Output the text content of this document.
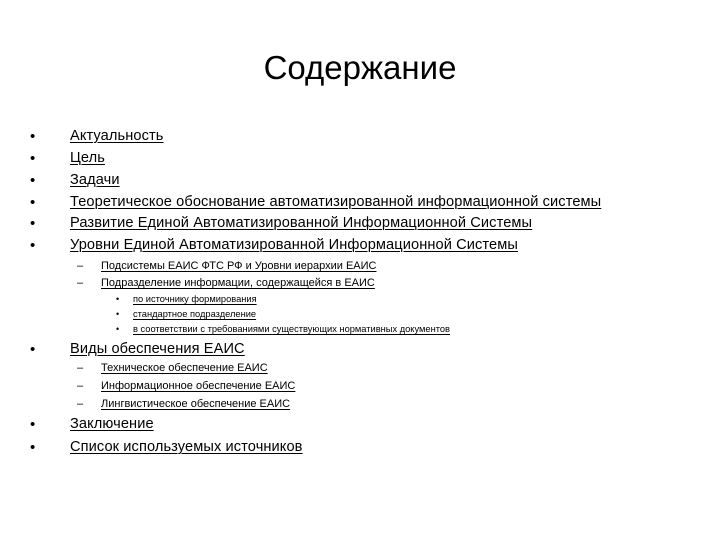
Содержание
• Актуальность
• Цель
• Задачи
• Теоретическое обоснование автоматизированной информационной системы
• Развитие Единой Автоматизированной Информационной Системы
• Уровни Единой Автоматизированной Информационной Системы
– Подсистемы ЕАИС ФТС РФ и Уровни иерархии ЕАИС
– Подразделение информации, содержащейся в ЕАИС
• по источнику формирования
• стандартное подразделение
• в соответствии с требованиями существующих нормативных документов
• Виды обеспечения ЕАИС
– Техническое обеспечение ЕАИС
– Информационное обеспечение ЕАИС
– Лингвистическое обеспечение ЕАИС
• Заключение
• Список используемых источников
